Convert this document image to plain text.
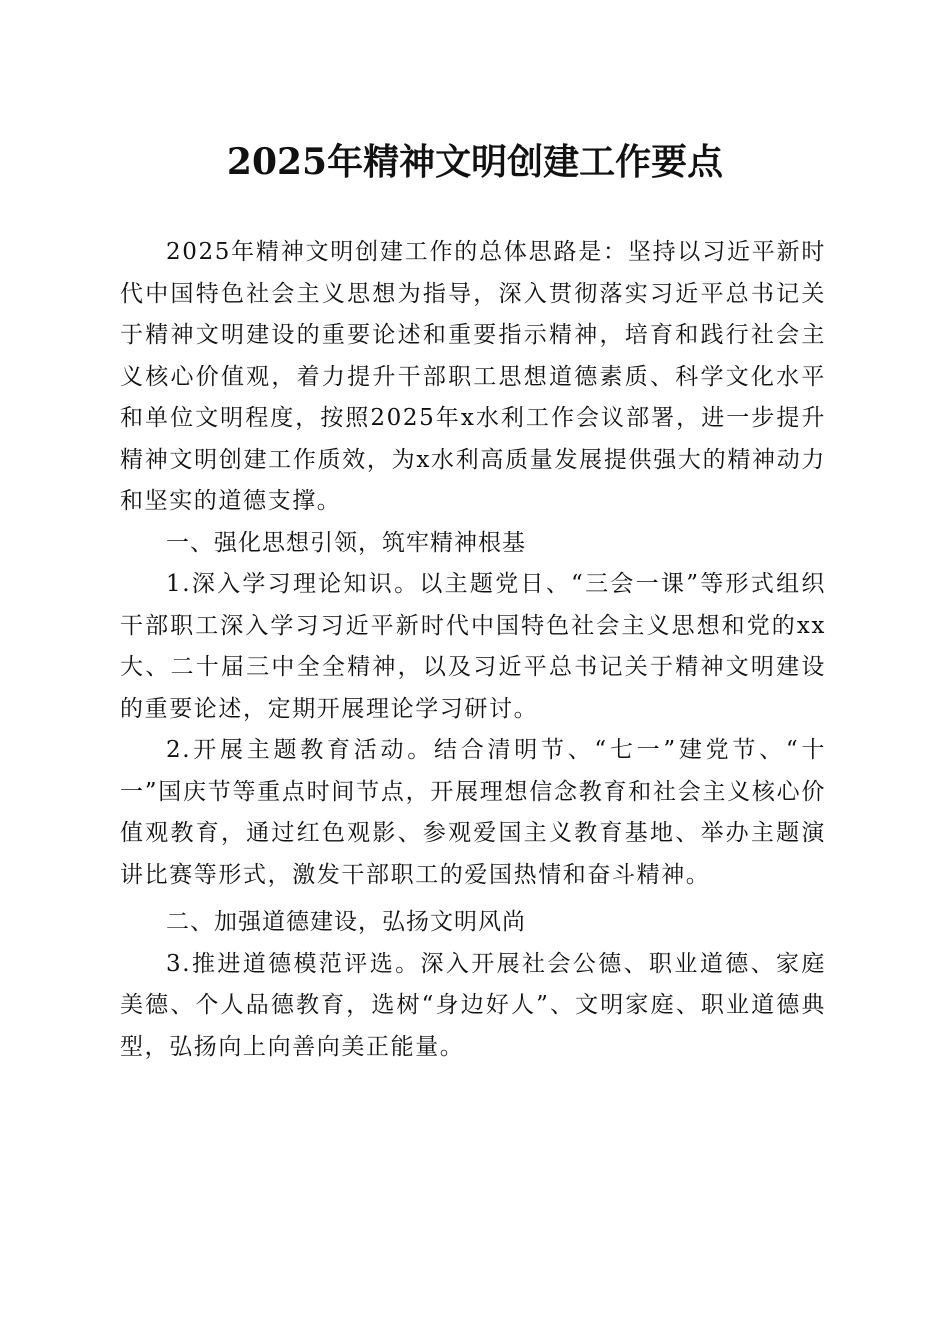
2025年精神文明创建工作要点

2025年精神文明创建工作的总体思路是：坚持以习近平新时代中国特色社会主义思想为指导，深入贯彻落实习近平总书记关于精神文明建设的重要论述和重要指示精神，培育和践行社会主义核心价值观，着力提升干部职工思想道德素质、科学文化水平和单位文明程度，按照2025年x水利工作会议部署，进一步提升精神文明创建工作质效，为x水利高质量发展提供强大的精神动力和坚实的道德支撑。

一、强化思想引领，筑牢精神根基

1.深入学习理论知识。以主题党日、“三会一课”等形式组织干部职工深入学习习近平新时代中国特色社会主义思想和党的xx大、二十届三中全全精神，以及习近平总书记关于精神文明建设的重要论述，定期开展理论学习研讨。

2.开展主题教育活动。结合清明节、“七一”建党节、“十一”国庆节等重点时间节点，开展理想信念教育和社会主义核心价值观教育，通过红色观影、参观爱国主义教育基地、举办主题演讲比赛等形式，激发干部职工的爱国热情和奋斗精神。

二、加强道德建设，弘扬文明风尚

3.推进道德模范评选。深入开展社会公德、职业道德、家庭美德、个人品德教育，选树“身边好人”、文明家庭、职业道德典型，弘扬向上向善向美正能量。
